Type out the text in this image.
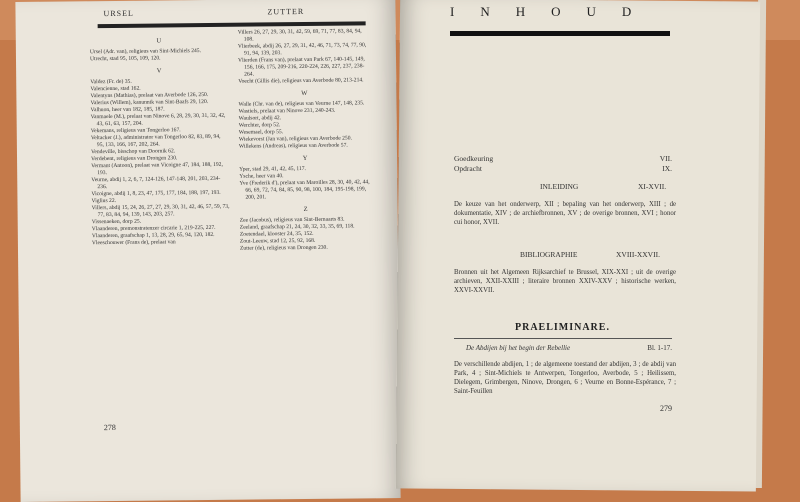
URSEL	ZUTTER

U

Ursel (Adr. van), religieus van Sint-Michiels 245.

Utrecht, stad 95, 105, 109, 120.

V

Valdez (Fr. de) 35.

Valencienne, stad 162.

Valentyns (Mathias), prelaat van Averbode 126, 250.

Valerius (Willem), kanunnik van Sint-Baafs 29, 120.

Valhuon, heer van 182, 185, 187.

Vanmaele (M.), prelaat van Ninove 6, 28, 29, 30, 31, 32, 42, 43, 61, 63, 157, 204.

Vekemans, religieus van Tongerloo 167.

Veltacker (J.), administrator van Tongerloo 82, 83, 89, 94, 95, 133, 166, 167, 202, 264.

Vendeville, bisschop van Doornik 62.

Verdebent, religieus van Drongen 230.

Vermant (Antoon), prelaat van Vicoigne 47, 184, 188, 192, 193.

Veurne, abdij 1, 2, 6, 7, 124-126, 147-148, 201, 203, 234-236.

Vicoigne, abdij 1, 8, 23, 47, 175, 177, 184, 188, 197, 193.

Viglius 22.

Villers, abdij 15, 24, 26, 27, 27, 29, 30, 31, 42, 46, 57, 59, 73, 77, 83, 84, 94, 139, 143, 203, 257.

Vissenaeken, dorp 25.

Vlaanderen, premonstratenzer circarie 1, 219-225, 227.

Vlaanderen, graafschap 1, 13, 28, 29, 65, 94, 120, 182.

Vleeschouwer (Frans de), prelaat van

Villers 26, 27, 29, 30, 31, 42, 59, 69, 71, 77, 83, 84, 94, 108.

Vlierbeek, abdij 26, 27, 29, 31, 42, 46, 71, 73, 74, 77, 90, 91, 94, 139, 203.

Vlierden (Frans van), prelaat van Park 67, 140-145, 149, 156, 166, 175, 209-216, 220-224, 226, 227, 237, 238-264.

Voecht (Gillis die), religieus van Averbode 80, 213-214.

W

Walle (Chr. van de), religieus van Veurne 147, 148, 235.

Wastiels, prelaat van Ninove 231, 240-243.

Waulsort, abdij 42.

Werchter, dorp 52.

Wesemael, dorp 55.

Wiekevorst (Jan van), religieus van Averbode 250.

Willekens (Andreas), religieus van Averbode 57.

Y

Yper, stad 29, 41, 42, 45, 117.

Ysche, heer van 40.

Yve (Frederik d'), prelaat van Maroilles 28, 30, 40, 42, 44, 66, 69, 72, 74, 84, 85, 90, 98, 100, 184, 195-198, 199, 200, 201.

Z

Zee (Jacobus), religieus van Sint-Bernaarts 83.

Zeeland, graafschap 21, 24, 30, 32, 33, 35, 69, 118.

Zoetendael, klooster 24, 35, 152.

Zout-Leeuw, stad 12, 25, 92, 168.

Zutter (de), religieus van Drongen 230.

278
INHOUD
Goedkeuring	VII.
Opdracht	IX.
INLEIDING	XI-XVII.
De keuze van het onderwerp, XII ; bepaling van het onderwerp, XIII ; de dokumentatie, XIV ; de archiefbronnen, XV ; de overige bronnen, XVI ; honor cui honor, XVII.
BIBLIOGRAPHIE	XVIII-XXVII.
Bronnen uit het Algemeen Rijksarchief te Brussel, XIX-XXI ; uit de overige archieven, XXII-XXIII ; literaire bronnen XXIV-XXV ; historische werken, XXVI-XXVII.
PRAELIMINARE.
De Abdijen bij het begin der Rebellie	Bl. 1-17.
De verschillende abdijen, 1 ; de algemeene toestand der abdijen, 3 ; de abdij van Park, 4 ; Sint-Michiels te Antwerpen, Tongerloo, Averbode, 5 ; Heilissem, Dielegem, Grimbergen, Ninove, Drongen, 6 ; Veurne en Bonne-Espérance, 7 ; Saint-Feuillen
279
